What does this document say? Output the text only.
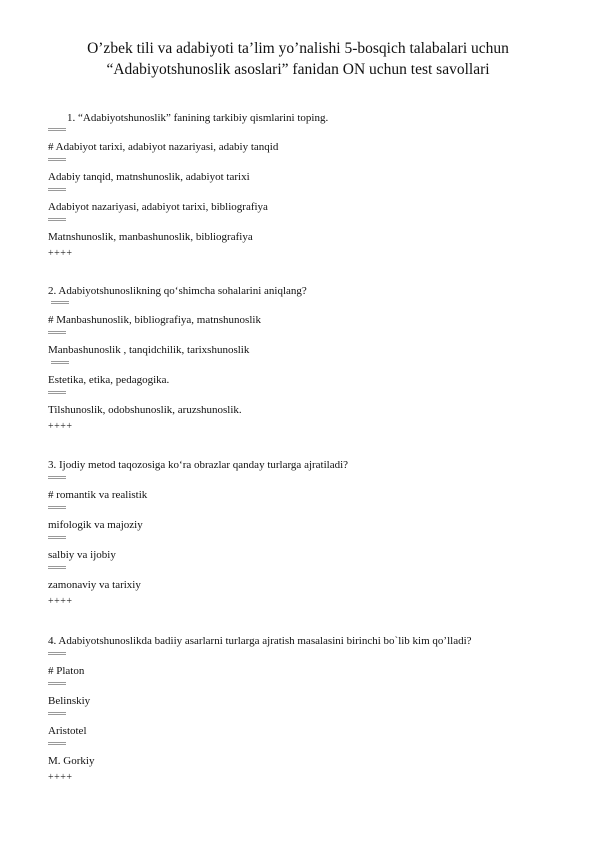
O’zbek tili va adabiyoti ta’lim yo’nalishi 5-bosqich talabalari uchun
“Adabiyotshunoslik asoslari” fanidan ON uchun test savollari
1. “Adabiyotshunoslik” fanining tarkibiy qismlarini toping.
# Adabiyot tarixi, adabiyot nazariyasi, adabiy tanqid
Adabiy tanqid, matnshunoslik, adabiyot tarixi
Adabiyot nazariyasi, adabiyot tarixi, bibliografiya
Matnshunoslik, manbashunoslik, bibliografiya
++++
2. Adabiyotshunoslikning qo‘shimcha sohalarini aniqlang?
# Manbashunoslik, bibliografiya, matnshunoslik
Manbashunoslik , tanqidchilik, tarixshunoslik
Estetika, etika, pedagogika.
Tilshunoslik, odobshunoslik, aruzshunoslik.
++++
3. Ijodiy metod taqozosiga ko‘ra obrazlar qanday turlarga ajratiladi?
# romantik va realistik
mifologik va majoziy
salbiy va ijobiy
zamonaviy va tarixiy
++++
4. Adabiyotshunoslikda badiiy asarlarni turlarga ajratish masalasini birinchi bo`lib kim qo’lladi?
# Platon
Belinskiy
Aristotel
M. Gorkiy
++++
